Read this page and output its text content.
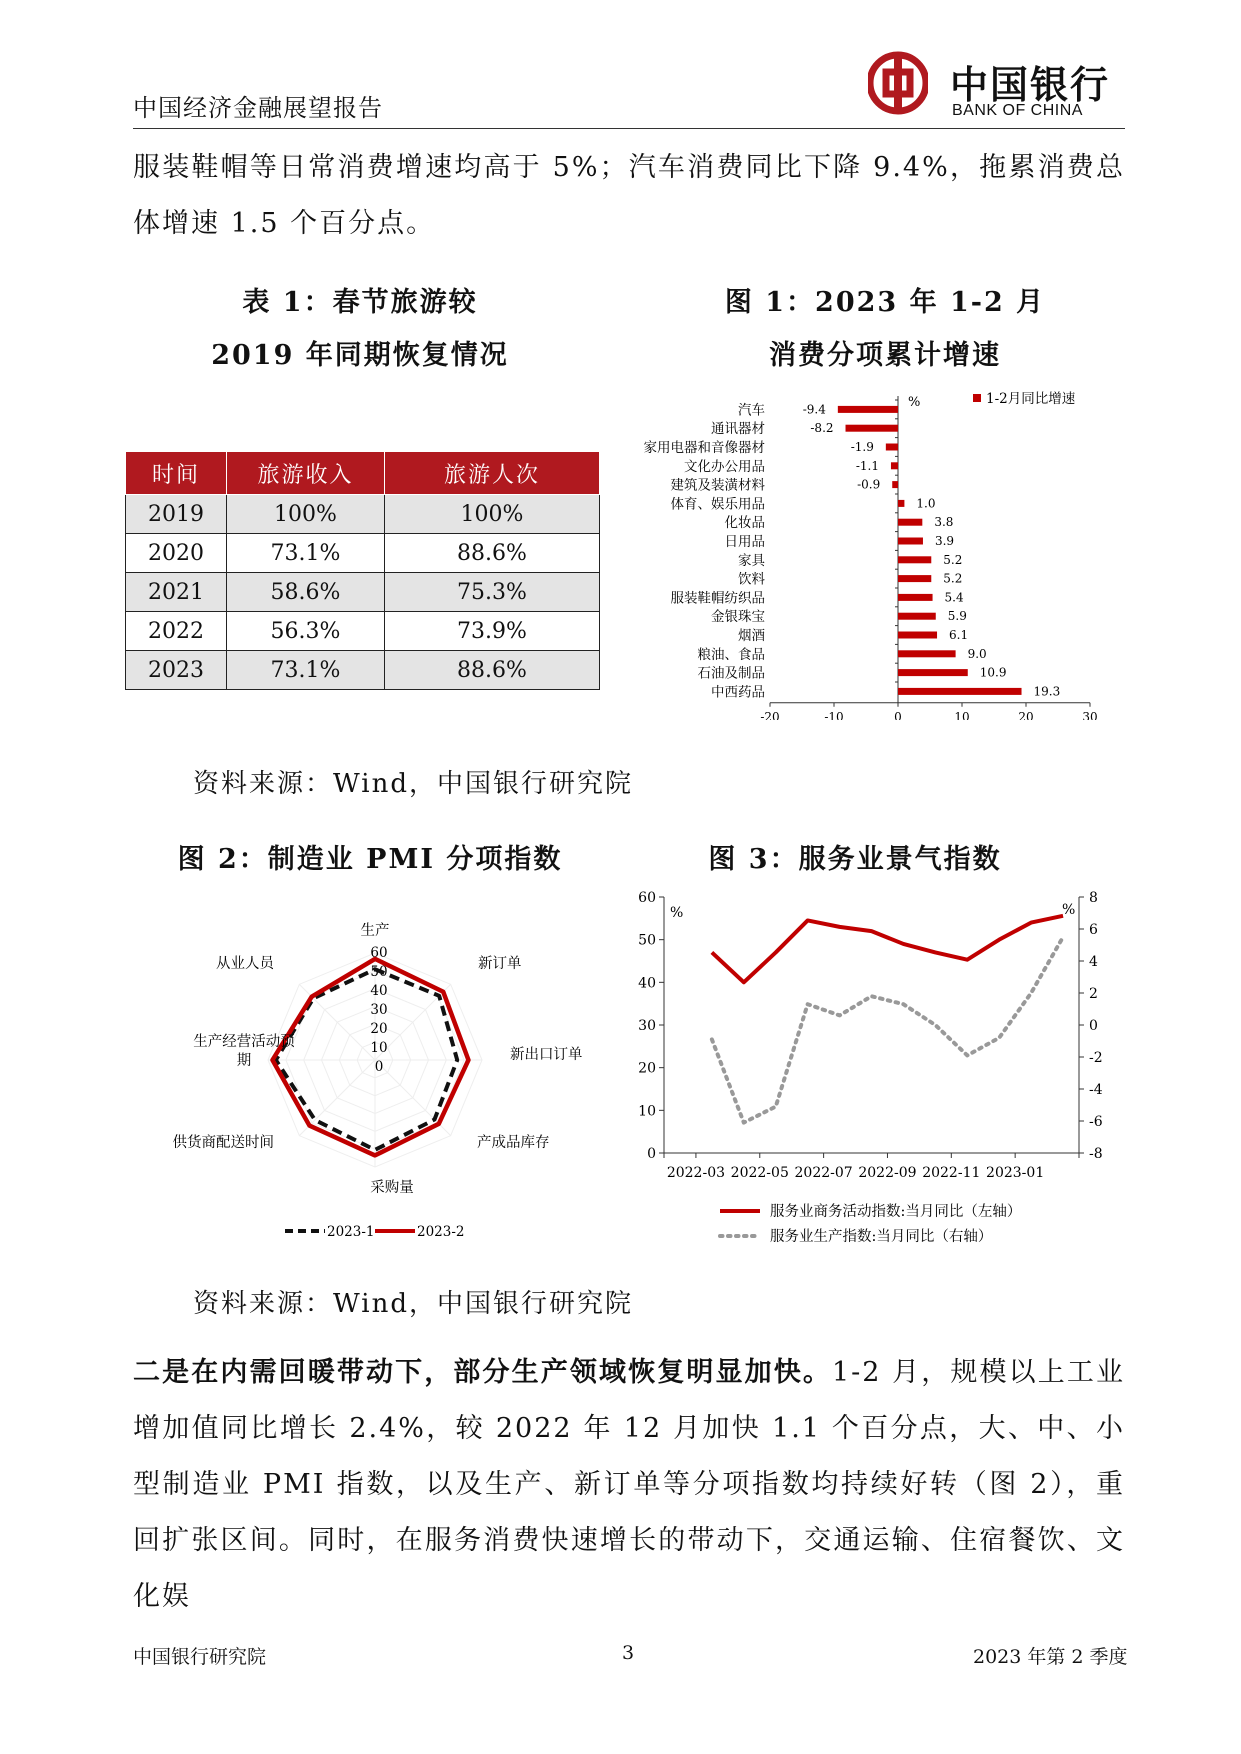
中国经济金融展望报告
中国银行
BANK OF CHINA
服装鞋帽等日常消费增速均高于 5%；汽车消费同比下降 9.4%，拖累消费总体增速 1.5 个百分点。
表 1：春节旅游较
2019 年同期恢复情况
时间	旅游收入	旅游人次
2019	100%	100%
2020	73.1%	88.6%
2021	58.6%	75.3%
2022	56.3%	73.9%
2023	73.1%	88.6%
图 1：2023 年 1-2 月
消费分项累计增速
-20	-10	0	10	20	30
汽车	-9.4
通讯器材	-8.2
家用电器和音像器材	-1.9
文化办公用品	-1.1
建筑及装潢材料	-0.9
体育、娱乐用品	1.0
化妆品	3.8
日用品	3.9
家具	5.2
饮料	5.2
服装鞋帽纺织品	5.4
金银珠宝	5.9
烟酒	6.1
粮油、食品	9.0
石油及制品	10.9
中西药品	19.3
%	1-2月同比增速
资料来源：Wind，中国银行研究院
图 2：制造业 PMI 分项指数	图 3：服务业景气指数
60
50
40
30
20
10
0
生产
新订单
新出口订单
产成品库存
采购量
供货商配送时间
生产经营活动预期
从业人员
2023-1	2023-2
60
50
40
30
20
10
0
8
6
4
2
0
-2
-4
-6
-8
%	%
2022-03 2022-05 2022-07 2022-09 2022-11 2023-01
服务业商务活动指数:当月同比（左轴）
服务业生产指数:当月同比（右轴）
资料来源：Wind，中国银行研究院
二是在内需回暖带动下，部分生产领域恢复明显加快。1-2 月，规模以上工业增加值同比增长 2.4%，较 2022 年 12 月加快 1.1 个百分点，大、中、小型制造业 PMI 指数，以及生产、新订单等分项指数均持续好转（图 2），重回扩张区间。同时，在服务消费快速增长的带动下，交通运输、住宿餐饮、文化娱
中国银行研究院	3	2023 年第 2 季度
